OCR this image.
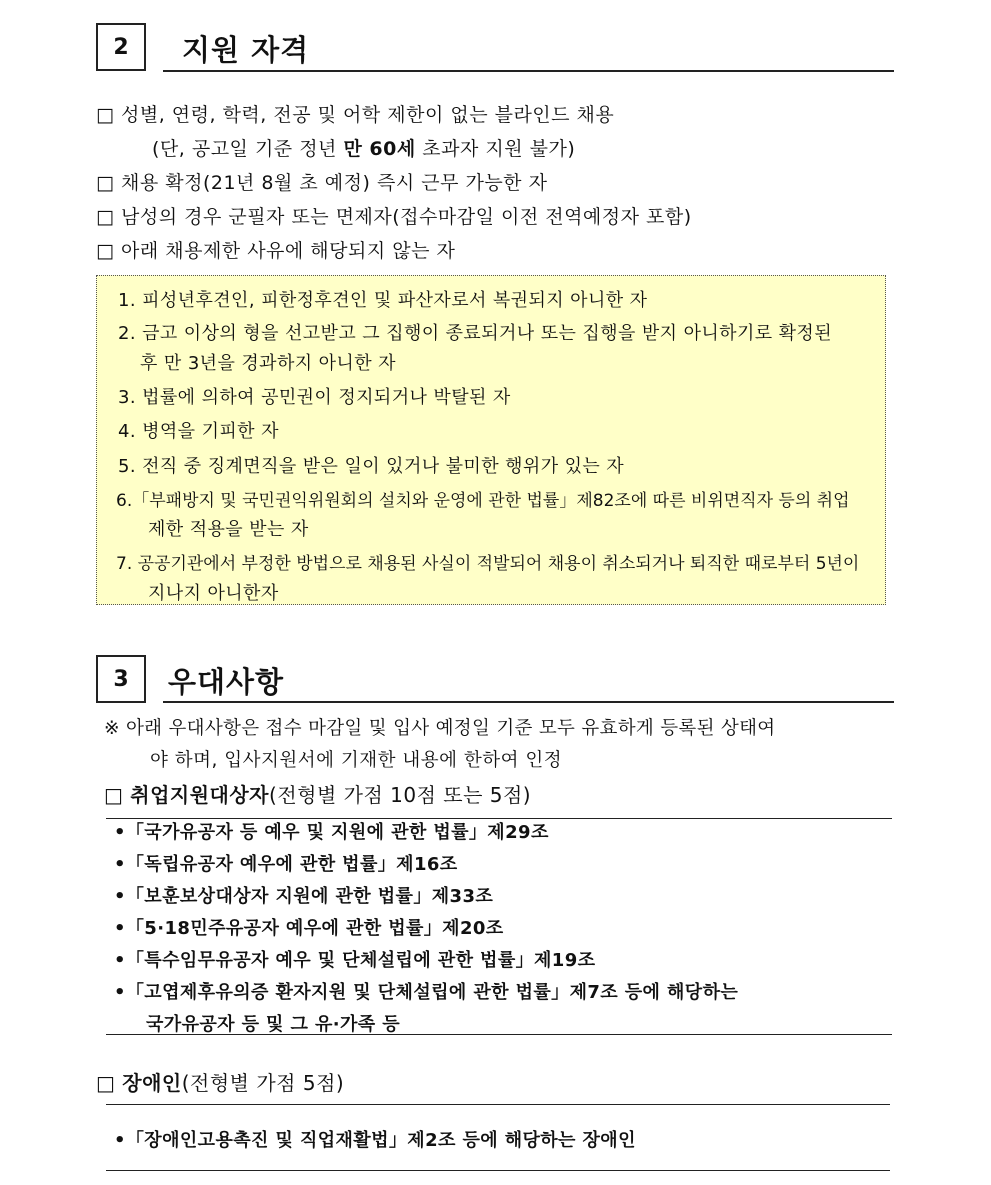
2	지원 자격
□ 성별, 연령, 학력, 전공 및 어학 제한이 없는 블라인드 채용
(단, 공고일 기준 정년 만 60세 초과자 지원 불가)
□ 채용 확정(21년 8월 초 예정) 즉시 근무 가능한 자
□ 남성의 경우 군필자 또는 면제자(접수마감일 이전 전역예정자 포함)
□ 아래 채용제한 사유에 해당되지 않는 자
1. 피성년후견인, 피한정후견인 및 파산자로서 복권되지 아니한 자
2. 금고 이상의 형을 선고받고 그 집행이 종료되거나 또는 집행을 받지 아니하기로 확정된
후 만 3년을 경과하지 아니한 자
3. 법률에 의하여 공민권이 정지되거나 박탈된 자
4. 병역을 기피한 자
5. 전직 중 징계면직을 받은 일이 있거나 불미한 행위가 있는 자
6.「부패방지 및 국민권익위원회의 설치와 운영에 관한 법률」제82조에 따른 비위면직자 등의 취업
제한 적용을 받는 자
7. 공공기관에서 부정한 방법으로 채용된 사실이 적발되어 채용이 취소되거나 퇴직한 때로부터 5년이
지나지 아니한자
3	우대사항
※ 아래 우대사항은 접수 마감일 및 입사 예정일 기준 모두 유효하게 등록된 상태여
야 하며, 입사지원서에 기재한 내용에 한하여 인정
□ 취업지원대상자(전형별 가점 10점 또는 5점)
•「국가유공자 등 예우 및 지원에 관한 법률」제29조
•「독립유공자 예우에 관한 법률」제16조
•「보훈보상대상자 지원에 관한 법률」제33조
•「5·18민주유공자 예우에 관한 법률」제20조
•「특수임무유공자 예우 및 단체설립에 관한 법률」제19조
•「고엽제후유의증 환자지원 및 단체설립에 관한 법률」제7조 등에 해당하는
국가유공자 등 및 그 유·가족 등
□ 장애인(전형별 가점 5점)
•「장애인고용촉진 및 직업재활법」제2조 등에 해당하는 장애인
